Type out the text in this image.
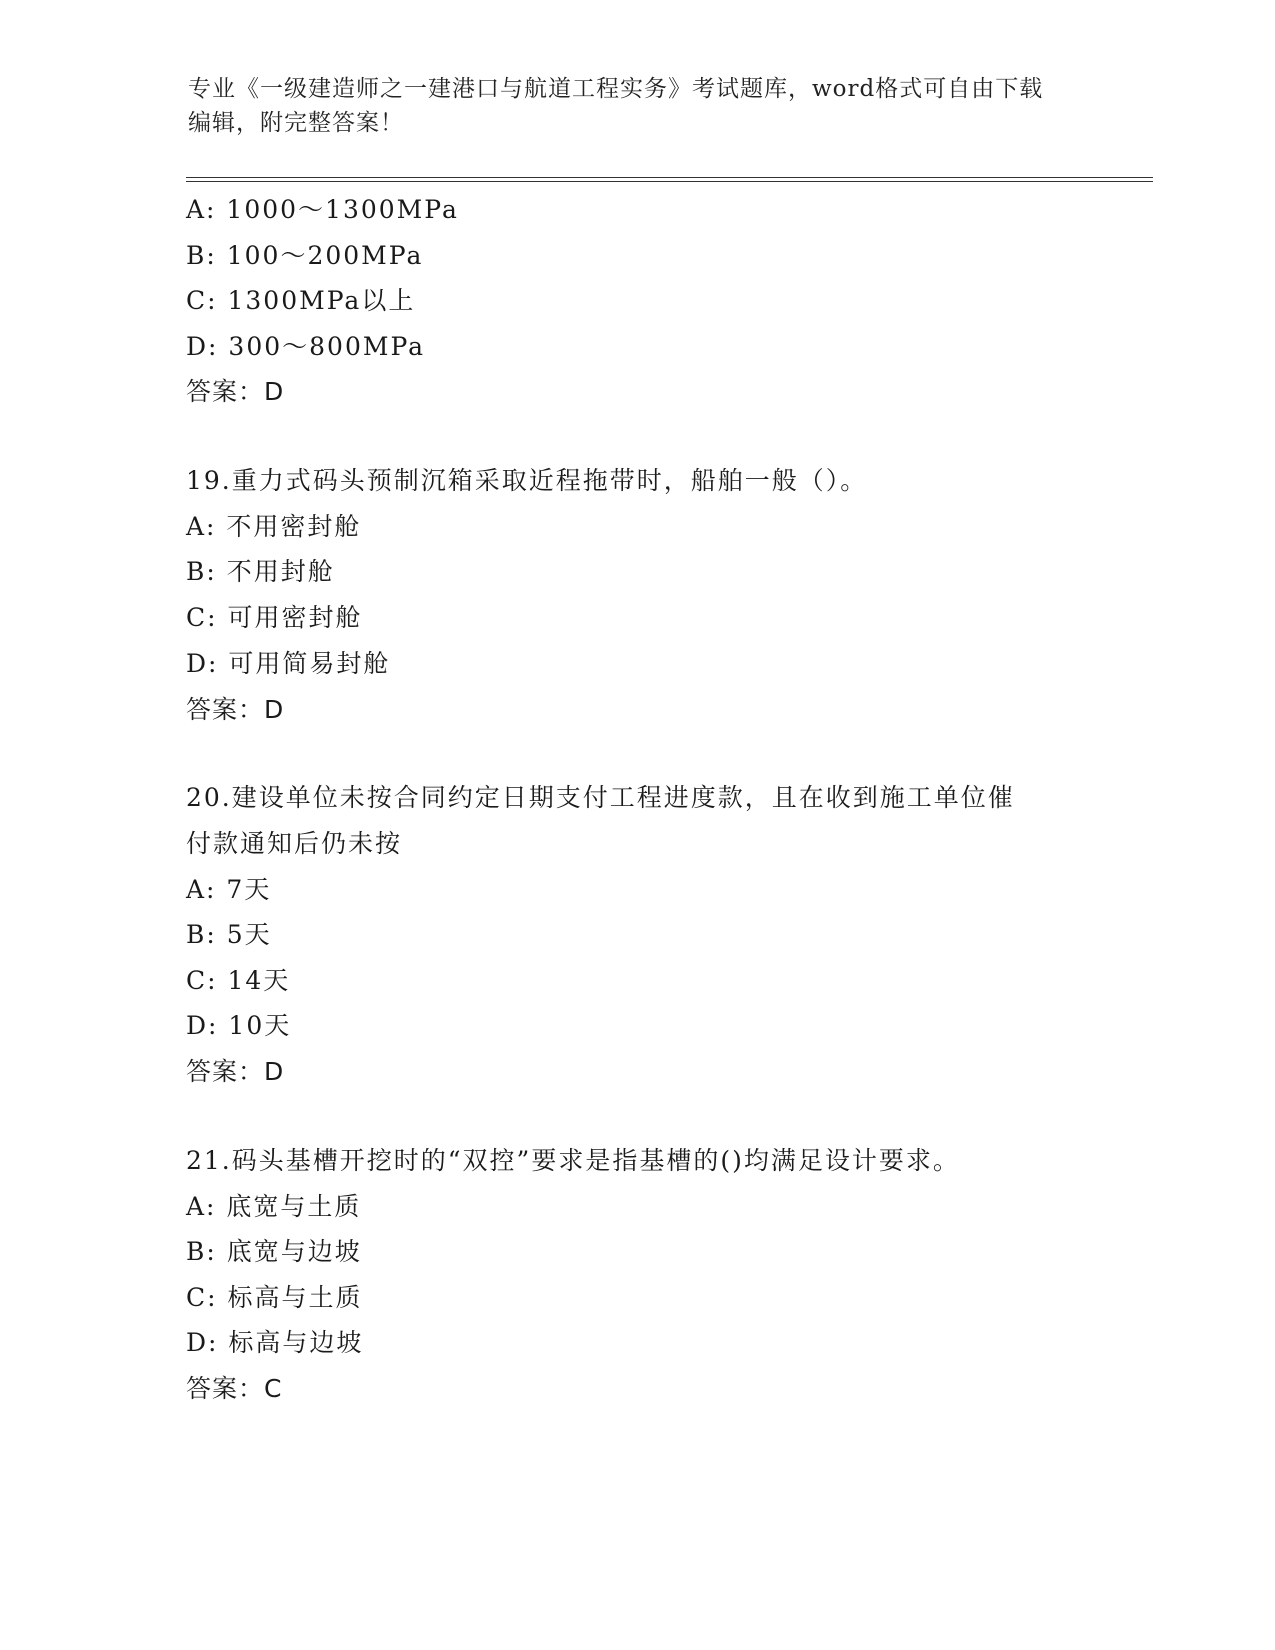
专业《一级建造师之一建港口与航道工程实务》考试题库，word格式可自由下载
编辑，附完整答案！
A: 1000～1300MPa
B: 100～200MPa
C: 1300MPa以上
D: 300～800MPa
答案：D
19.重力式码头预制沉箱采取近程拖带时，船舶一般（）。
A: 不用密封舱
B: 不用封舱
C: 可用密封舱
D: 可用简易封舱
答案：D
20.建设单位未按合同约定日期支付工程进度款，且在收到施工单位催
付款通知后仍未按
A: 7天
B: 5天
C: 14天
D: 10天
答案：D
21.码头基槽开挖时的“双控”要求是指基槽的()均满足设计要求。
A: 底宽与土质
B: 底宽与边坡
C: 标高与土质
D: 标高与边坡
答案：C
